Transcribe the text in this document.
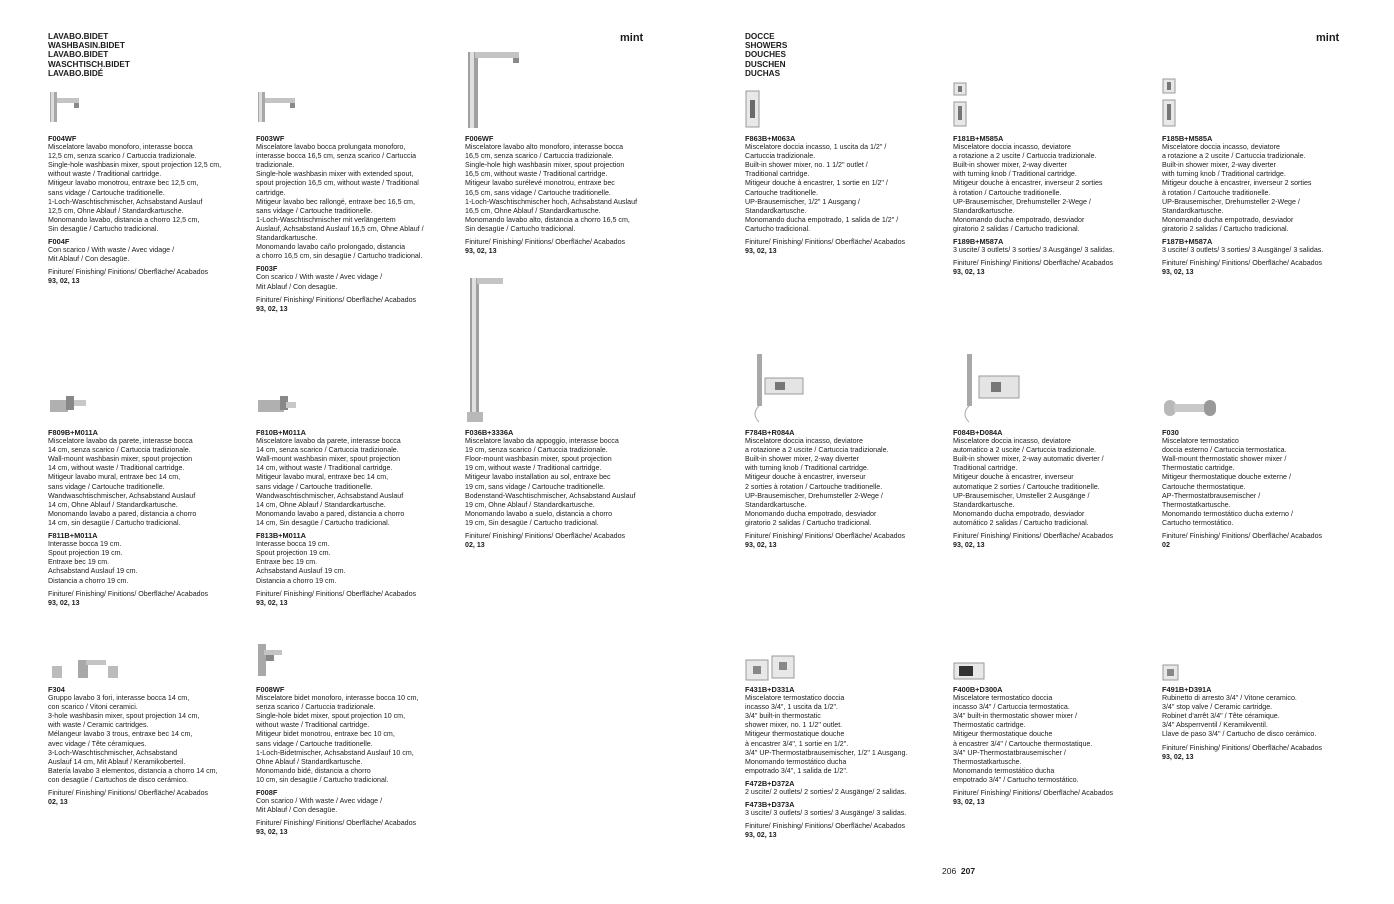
LAVABO.BIDET
WASHBASIN.BIDET
LAVABO.BIDET
WASCHTISCH.BIDET
LAVABO.BIDÉ
mint	DOCCE
SHOWERS
DOUCHES
DUSCHEN
DUCHAS
mint
F004WF
Miscelatore lavabo monoforo, interasse bocca
12,5 cm, senza scarico / Cartuccia tradizionale.
Single-hole washbasin mixer, spout projection 12,5 cm,
without waste / Traditional cartridge.
Mitigeur lavabo monotrou, entraxe bec 12,5 cm,
sans vidage / Cartouche traditionelle.
1-Loch-Waschtischmischer, Achsabstand Auslauf
12,5 cm, Ohne Ablauf / Standardkartusche.
Monomando lavabo, distancia a chorro 12,5 cm,
Sin desagüe / Cartucho tradicional.
F004F
Con scarico / With waste / Avec vidage /
Mit Ablauf / Con desagüe.
Finiture/ Finishing/ Finitions/ Oberfläche/ Acabados
93, 02, 13
F003WF
Miscelatore lavabo bocca prolungata monoforo,
interasse bocca 16,5 cm, senza scarico / Cartuccia
tradizionale.
Single-hole washbasin mixer with extended spout,
spout projection 16,5 cm, without waste / Traditional
cartridge.
Mitigeur lavabo bec rallongé, entraxe bec 16,5 cm,
sans vidage / Cartouche traditionelle.
1-Loch-Waschtischmischer mit verlängertem
Auslauf, Achsabstand Auslauf 16,5 cm, Ohne Ablauf /
Standardkartusche.
Monomando lavabo caño prolongado, distancia
a chorro 16,5 cm, sin desagüe / Cartucho tradicional.
F003F
Con scarico / With waste / Avec vidage /
Mit Ablauf / Con desagüe.
Finiture/ Finishing/ Finitions/ Oberfläche/ Acabados
93, 02, 13
F006WF
Miscelatore lavabo alto monoforo, interasse bocca
16,5 cm, senza scarico / Cartuccia tradizionale.
Single-hole high washbasin mixer, spout projection
16,5 cm, without waste / Traditional cartridge.
Mitigeur lavabo surélevé monotrou, entraxe bec
16,5 cm, sans vidage / Cartouche traditionelle.
1-Loch-Waschtischmischer hoch, Achsabstand Auslauf
16,5 cm, Ohne Ablauf / Standardkartusche.
Monomando lavabo alto, distancia a chorro 16,5 cm,
Sin desagüe / Cartucho tradicional.
Finiture/ Finishing/ Finitions/ Oberfläche/ Acabados
93, 02, 13
F863B+M063A
Miscelatore doccia incasso, 1 uscita da 1/2" /
Cartuccia tradizionale.
Built-in shower mixer, no. 1 1/2" outlet /
Traditional cartridge.
Mitigeur douche à encastrer, 1 sortie en 1/2" /
Cartouche traditionelle.
UP-Brausemischer, 1/2" 1 Ausgang /
Standardkartusche.
Monomando ducha empotrado, 1 salida de 1/2" /
Cartucho tradicional.
Finiture/ Finishing/ Finitions/ Oberfläche/ Acabados
93, 02, 13
F181B+M585A
Miscelatore doccia incasso, deviatore
a rotazione a 2 uscite / Cartuccia tradizionale.
Built-in shower mixer, 2-way diverter
with turning knob / Traditional cartridge.
Mitigeur douche à encastrer, inverseur 2 sorties
à rotation / Cartouche traditionelle.
UP-Brausemischer, Drehumsteller 2-Wege /
Standardkartusche.
Monomando ducha empotrado, desviador
giratorio 2 salidas / Cartucho tradicional.
F189B+M587A
3 uscite/ 3 outlets/ 3 sorties/ 3 Ausgänge/ 3 salidas.
Finiture/ Finishing/ Finitions/ Oberfläche/ Acabados
93, 02, 13
F185B+M585A
Miscelatore doccia incasso, deviatore
a rotazione a 2 uscite / Cartuccia tradizionale.
Built-in shower mixer, 2-way diverter
with turning knob / Traditional cartridge.
Mitigeur douche à encastrer, inverseur 2 sorties
à rotation / Cartouche traditionelle.
UP-Brausemischer, Drehumsteller 2-Wege /
Standardkartusche.
Monomando ducha empotrado, desviador
giratorio 2 salidas / Cartucho tradicional.
F187B+M587A
3 uscite/ 3 outlets/ 3 sorties/ 3 Ausgänge/ 3 salidas.
Finiture/ Finishing/ Finitions/ Oberfläche/ Acabados
93, 02, 13
F809B+M011A
Miscelatore lavabo da parete, interasse bocca
14 cm, senza scarico / Cartuccia tradizionale.
Wall-mount washbasin mixer, spout projection
14 cm, without waste / Traditional cartridge.
Mitigeur lavabo mural, entraxe bec 14 cm,
sans vidage / Cartouche traditionelle.
Wandwaschtischmischer, Achsabstand Auslauf
14 cm, Ohne Ablauf / Standardkartusche.
Monomando lavabo a pared, distancia a chorro
14 cm, sin desagüe / Cartucho tradicional.
F811B+M011A
Interasse bocca 19 cm.
Spout projection 19 cm.
Entraxe bec 19 cm.
Achsabstand Auslauf 19 cm.
Distancia a chorro 19 cm.
Finiture/ Finishing/ Finitions/ Oberfläche/ Acabados
93, 02, 13
F810B+M011A
Miscelatore lavabo da parete, interasse bocca
14 cm, senza scarico / Cartuccia tradizionale.
Wall-mount washbasin mixer, spout projection
14 cm, without waste / Traditional cartridge.
Mitigeur lavabo mural, entraxe bec 14 cm,
sans vidage / Cartouche traditionelle.
Wandwaschtischmischer, Achsabstand Auslauf
14 cm, Ohne Ablauf / Standardkartusche.
Monomando lavabo a pared, distancia a chorro
14 cm, Sin desagüe / Cartucho tradicional.
F813B+M011A
Interasse bocca 19 cm.
Spout projection 19 cm.
Entraxe bec 19 cm.
Achsabstand Auslauf 19 cm.
Distancia a chorro 19 cm.
Finiture/ Finishing/ Finitions/ Oberfläche/ Acabados
93, 02, 13
F036B+3336A
Miscelatore lavabo da appoggio, interasse bocca
19 cm, senza scarico / Cartuccia tradizionale.
Floor-mount washbasin mixer, spout projection
19 cm, without waste / Traditional cartridge.
Mitigeur lavabo installation au sol, entraxe bec
19 cm, sans vidage / Cartouche traditionelle.
Bodenstand-Waschtischmischer, Achsabstand Auslauf
19 cm, Ohne Ablauf / Standardkartusche.
Monomando lavabo a suelo, distancia a chorro
19 cm, Sin desagüe / Cartucho tradicional.
Finiture/ Finishing/ Finitions/ Oberfläche/ Acabados
02, 13
F784B+R084A
Miscelatore doccia incasso, deviatore
a rotazione a 2 uscite / Cartuccia tradizionale.
Built-in shower mixer, 2-way diverter
with turning knob / Traditional cartridge.
Mitigeur douche à encastrer, inverseur
2 sorties à rotation / Cartouche traditionelle.
UP-Brausemischer, Drehumsteller 2-Wege /
Standardkartusche.
Monomando ducha empotrado, desviador
giratorio 2 salidas / Cartucho tradicional.
Finiture/ Finishing/ Finitions/ Oberfläche/ Acabados
93, 02, 13
F084B+D084A
Miscelatore doccia incasso, deviatore
automatico a 2 uscite / Cartuccia tradizionale.
Built-in shower mixer, 2-way automatic diverter /
Traditional cartridge.
Mitigeur douche à encastrer, inverseur
automatique 2 sorties / Cartouche traditionelle.
UP-Brausemischer, Umsteller 2 Ausgänge /
Standardkartusche.
Monomando ducha empotrado, desviador
automático 2 salidas / Cartucho tradicional.
Finiture/ Finishing/ Finitions/ Oberfläche/ Acabados
93, 02, 13
F030
Miscelatore termostatico
doccia esterno / Cartuccia termostatica.
Wall-mount thermostatic shower mixer /
Thermostatic cartridge.
Mitigeur thermostatique douche externe /
Cartouche thermostatique.
AP-Thermostatbrausemischer /
Thermostatkartusche.
Monomando termostático ducha externo /
Cartucho termostático.
Finiture/ Finishing/ Finitions/ Oberfläche/ Acabados
02
F304
Gruppo lavabo 3 fori, interasse bocca 14 cm,
con scarico / Vitoni ceramici.
3-hole washbasin mixer, spout projection 14 cm,
with waste / Ceramic cartridges.
Mélangeur lavabo 3 trous, entraxe bec 14 cm,
avec vidage / Tête céramiques.
3-Loch-Waschtischmischer, Achsabstand
Auslauf 14 cm, Mit Ablauf / Keramikoberteil.
Batería lavabo 3 elementos, distancia a chorro 14 cm,
con desagüe / Cartuchos de disco cerámico.
Finiture/ Finishing/ Finitions/ Oberfläche/ Acabados
02, 13
F008WF
Miscelatore bidet monoforo, interasse bocca 10 cm,
senza scarico / Cartuccia tradizionale.
Single-hole bidet mixer, spout projection 10 cm,
without waste / Traditional cartridge.
Mitigeur bidet monotrou, entraxe bec 10 cm,
sans vidage / Cartouche traditionelle.
1-Loch-Bidetmischer, Achsabstand Auslauf 10 cm,
Ohne Ablauf / Standardkartusche.
Monomando bidé, distancia a chorro
10 cm, sin desagüe / Cartucho tradicional.
F008F
Con scarico / With waste / Avec vidage /
Mit Ablauf / Con desagüe.
Finiture/ Finishing/ Finitions/ Oberfläche/ Acabados
93, 02, 13
F431B+D331A
Miscelatore termostatico doccia
incasso 3/4", 1 uscita da 1/2".
3/4" built-in thermostatic
shower mixer, no. 1 1/2" outlet.
Mitigeur thermostatique douche
à encastrer 3/4", 1 sortie en 1/2".
3/4" UP-Thermostatbrausemischer, 1/2" 1 Ausgang.
Monomando termostático ducha
empotrado 3/4", 1 salida de 1/2".
F472B+D372A
2 uscite/ 2 outlets/ 2 sorties/ 2 Ausgänge/ 2 salidas.
F473B+D373A
3 uscite/ 3 outlets/ 3 sorties/ 3 Ausgänge/ 3 salidas.
Finiture/ Finishing/ Finitions/ Oberfläche/ Acabados
93, 02, 13
F400B+D300A
Miscelatore termostatico doccia
incasso 3/4" / Cartuccia termostatica.
3/4" built-in thermostatic shower mixer /
Thermostatic cartridge.
Mitigeur thermostatique douche
à encastrer 3/4" / Cartouche thermostatique.
3/4" UP-Thermostatbrausemischer /
Thermostatkartusche.
Monomando termostático ducha
empotrado 3/4" / Cartucho termostático.
Finiture/ Finishing/ Finitions/ Oberfläche/ Acabados
93, 02, 13
F491B+D391A
Rubinetto di arresto 3/4" / Vitone ceramico.
3/4" stop valve / Ceramic cartridge.
Robinet d'arrêt 3/4" / Tête céramique.
3/4" Absperrventil / Keramikventil.
Llave de paso 3/4" / Cartucho de disco cerámico.
Finiture/ Finishing/ Finitions/ Oberfläche/ Acabados
93, 02, 13
206 207
